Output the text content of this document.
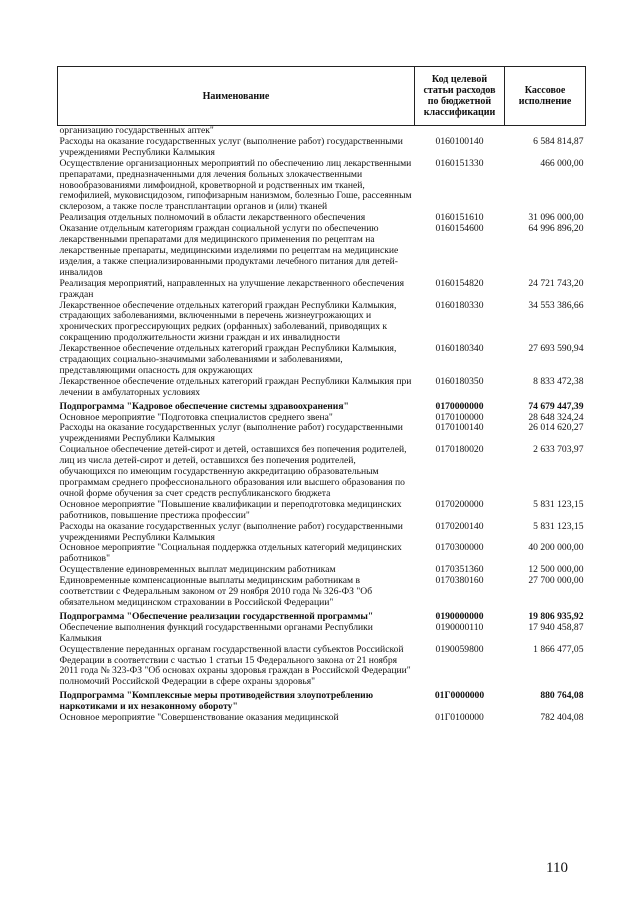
Наименование	Код целевой статьи расходов по бюджетной классификации	Кассовое исполнение
организацию государственных аптек"		
Расходы на оказание государственных услуг (выполнение работ) государственными учреждениями Республики Калмыкия	0160100140	6 584 814,87
Осуществление организационных мероприятий по обеспечению лиц лекарственными препаратами, предназначенными для лечения больных злокачественными новообразованиями лимфоидной, кроветворной и родственных им тканей, гемофилией, муковисцидозом, гипофизарным нанизмом, болезнью Гоше, рассеянным склерозом, а также после трансплантации органов и (или) тканей	0160151330	466 000,00
Реализация отдельных полномочий в области лекарственного обеспечения	0160151610	31 096 000,00
Оказание отдельным категориям граждан социальной услуги по обеспечению лекарственными препаратами для медицинского применения по рецептам на лекарственные препараты, медицинскими изделиями по рецептам на медицинские изделия, а также специализированными продуктами лечебного питания для детей-инвалидов	0160154600	64 996 896,20
Реализация мероприятий, направленных на улучшение лекарственного обеспечения граждан	0160154820	24 721 743,20
Лекарственное обеспечение отдельных категорий граждан Республики Калмыкия, страдающих заболеваниями, включенными в перечень жизнеугрожающих и хронических прогрессирующих редких (орфанных) заболеваний, приводящих к сокращению продолжительности жизни граждан и их инвалидности	0160180330	34 553 386,66
Лекарственное обеспечение отдельных категорий граждан Республики Калмыкия, страдающих социально-значимыми заболеваниями и заболеваниями, представляющими опасность для окружающих	0160180340	27 693 590,94
Лекарственное обеспечение отдельных категорий граждан Республики Калмыкия при лечении в амбулаторных условиях	0160180350	8 833 472,38
Подпрограмма "Кадровое обеспечение системы здравоохранения"	0170000000	74 679 447,39
Основное мероприятие "Подготовка специалистов среднего звена"	0170100000	28 648 324,24
Расходы на оказание государственных услуг (выполнение работ) государственными учреждениями Республики Калмыкия	0170100140	26 014 620,27
Социальное обеспечение детей-сирот и детей, оставшихся без попечения родителей, лиц из числа детей-сирот и детей, оставшихся без попечения родителей, обучающихся по имеющим государственную аккредитацию образовательным программам среднего профессионального образования или высшего образования по очной форме обучения за счет средств республиканского бюджета	0170180020	2 633 703,97
Основное мероприятие "Повышение квалификации и переподготовка медицинских работников, повышение престижа профессии"	0170200000	5 831 123,15
Расходы на оказание государственных услуг (выполнение работ) государственными учреждениями Республики Калмыкия	0170200140	5 831 123,15
Основное мероприятие "Социальная поддержка отдельных категорий медицинских работников"	0170300000	40 200 000,00
Осуществление единовременных выплат медицинским работникам	0170351360	12 500 000,00
Единовременные компенсационные выплаты медицинским работникам в соответствии с Федеральным законом от 29 ноября 2010 года № 326-ФЗ "Об обязательном медицинском страховании в Российской Федерации"	0170380160	27 700 000,00
Подпрограмма "Обеспечение реализации государственной программы"	0190000000	19 806 935,92
Обеспечение выполнения функций государственными органами Республики Калмыкия	0190000110	17 940 458,87
Осуществление переданных органам государственной власти субъектов Российской Федерации в соответствии с частью 1 статьи 15 Федерального закона от 21 ноября 2011 года № 323-ФЗ "Об основах охраны здоровья граждан в Российской Федерации" полномочий Российской Федерации в сфере охраны здоровья"	0190059800	1 866 477,05
Подпрограмма "Комплексные меры противодействия злоупотреблению наркотиками и их незаконному обороту"	01Г0000000	880 764,08
Основное мероприятие "Совершенствование оказания медицинской	01Г0100000	782 404,08
110
